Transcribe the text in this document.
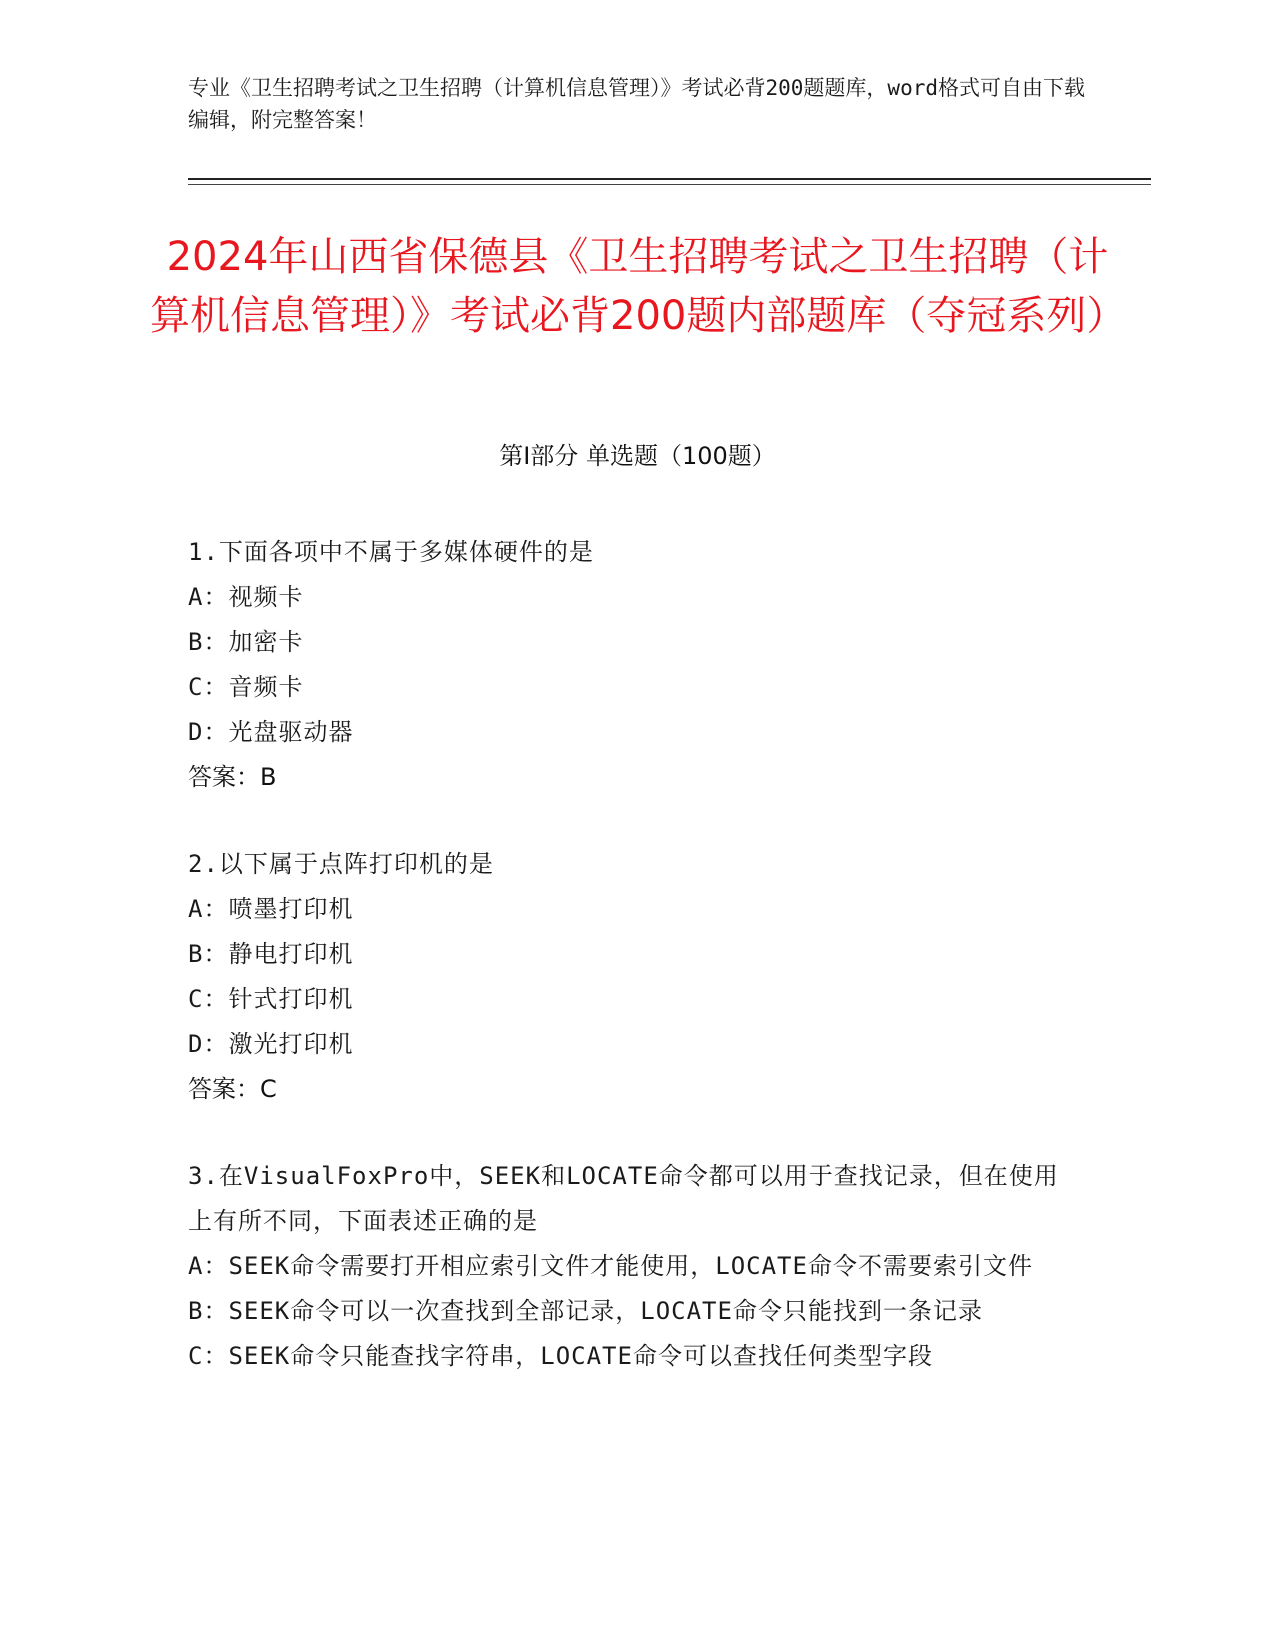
专业《卫生招聘考试之卫生招聘（计算机信息管理）》考试必背200题题库，word格式可自由下载编辑，附完整答案！
2024年山西省保德县《卫生招聘考试之卫生招聘（计算机信息管理）》考试必背200题内部题库（夺冠系列）
第Ⅰ部分 单选题（100题）
1.下面各项中不属于多媒体硬件的是
A：视频卡
B：加密卡
C：音频卡
D：光盘驱动器
答案：B
2.以下属于点阵打印机的是
A：喷墨打印机
B：静电打印机
C：针式打印机
D：激光打印机
答案：C
3.在VisualFoxPro中，SEEK和LOCATE命令都可以用于查找记录，但在使用上有所不同，下面表述正确的是
A：SEEK命令需要打开相应索引文件才能使用，LOCATE命令不需要索引文件
B：SEEK命令可以一次查找到全部记录，LOCATE命令只能找到一条记录
C：SEEK命令只能查找字符串，LOCATE命令可以查找任何类型字段
